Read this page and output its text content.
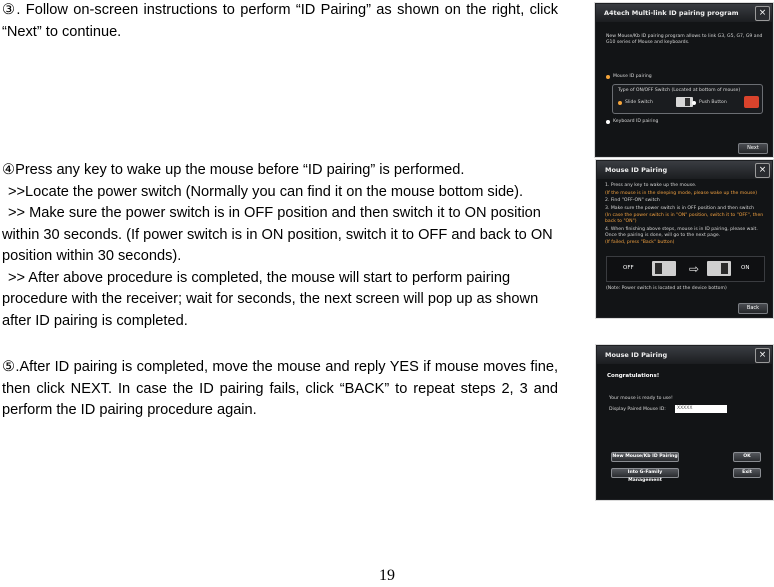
③. Follow on-screen instructions to perform “ID Pairing” as shown on the right, click “Next” to continue.

④Press any key to wake up the mouse before “ID pairing” is performed.

>>Locate the power switch (Normally you can find it on the mouse bottom side).

>> Make sure the power switch is in OFF position and then switch it to ON position within 30 seconds. (If power switch is in ON position, switch it to OFF and back to ON position within 30 seconds).

>> After above procedure is completed, the mouse will start to perform pairing procedure with the receiver; wait for seconds, the next screen will pop up as shown after ID pairing is completed.

⑤.After ID pairing is completed, move the mouse and reply YES if mouse moves fine, then click NEXT. In case the ID pairing fails, click “BACK” to repeat steps 2, 3 and perform the ID pairing procedure again.

A4tech Multi-link ID pairing program	×
New Mouse/Kb ID pairing program allows to link G3, G5, G7, G9 and G10 series of Mouse and keyboards.
Mouse ID pairing
Type of ON/OFF Switch (Located at bottom of mouse)
Slide Switch	Push Button
Keyboard ID pairing
Next
Mouse ID Pairing	×

1. Press any key to wake up the mouse.

(If the mouse is in the sleeping mode, please wake up the mouse)

2. Find "OFF-ON" switch

3. Make sure the power switch is in OFF position and then switch

(In case the power switch is in "ON" position, switch it to "OFF", then back to "ON")

4. When finishing above steps, mouse is in ID pairing, please wait. Once the pairing is done, will go to the next page.

(If failed, press "Back" button)

OFF	⇨	ON
(Note: Power switch is located at the device bottom)
Back
Mouse ID Pairing	×
Congratulations!
Your mouse is ready to use!
Display Paired Mouse ID:	XXXXX
New Mouse/Kb ID Pairing
Into G-Family Management
OK
Exit
19
